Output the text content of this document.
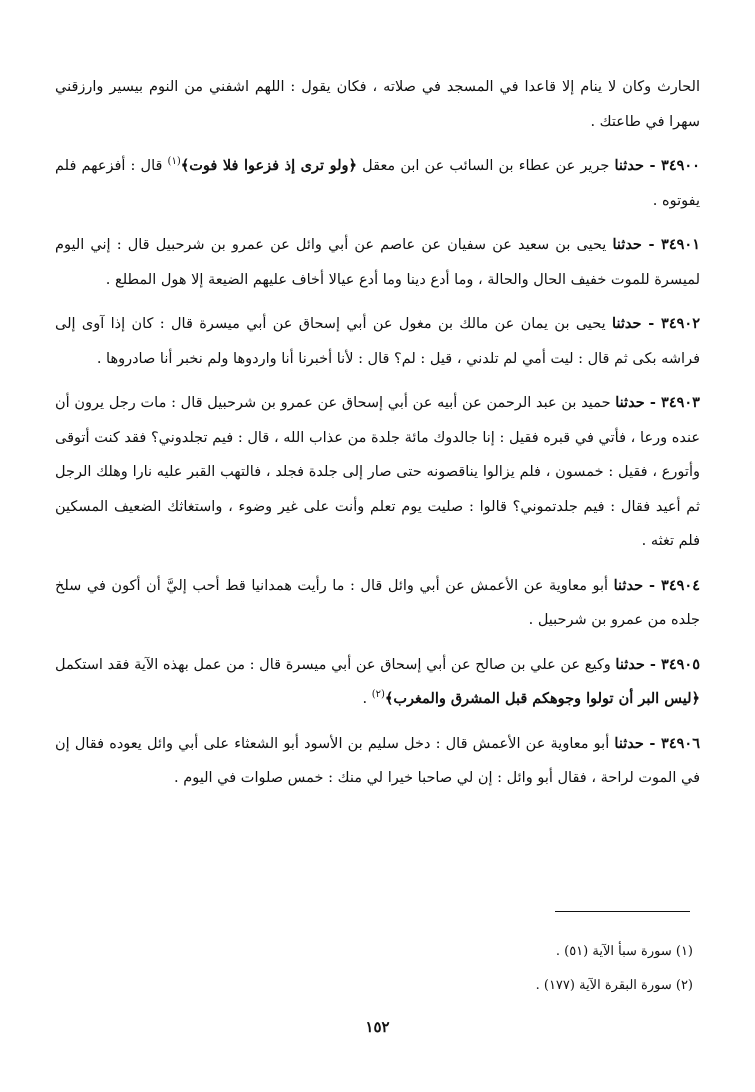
الحارث وكان لا ينام إلا قاعدا في المسجد في صلاته ، فكان يقول : اللهم اشفني من النوم بيسير وارزقني سهرا في طاعتك .

٣٤٩٠٠ - حدثنا جرير عن عطاء بن السائب عن ابن معقل ﴿ولو ترى إذ فزعوا فلا فوت﴾$^{(١)}$ قال : أفزعهم فلم يفوتوه .

٣٤٩٠١ - حدثنا يحيى بن سعيد عن سفيان عن عاصم عن أبي وائل عن عمرو بن شرحبيل قال : إني اليوم لميسرة للموت خفيف الحال والحالة ، وما أدع دينا وما أدع عيالا أخاف عليهم الضيعة إلا هول المطلع .

٣٤٩٠٢ - حدثنا يحيى بن يمان عن مالك بن مغول عن أبي إسحاق عن أبي ميسرة قال : كان إذا آوى إلى فراشه بكى ثم قال : ليت أمي لم تلدني ، قيل : لم؟ قال : لأنا أخبرنا أنا واردوها ولم نخبر أنا صادروها .

٣٤٩٠٣ - حدثنا حميد بن عبد الرحمن عن أبيه عن أبي إسحاق عن عمرو بن شرحبيل قال : مات رجل يرون أن عنده ورعا ، فأتي في قبره فقيل : إنا جالدوك مائة جلدة من عذاب الله ، قال : فيم تجلدوني؟ فقد كنت أتوقى وأتورع ، فقيل : خمسون ، فلم يزالوا يناقصونه حتى صار إلى جلدة فجلد ، فالتهب القبر عليه نارا وهلك الرجل ثم أعيد فقال : فيم جلدتموني؟ قالوا : صليت يوم تعلم وأنت على غير وضوء ، واستغاثك الضعيف المسكين فلم تغثه .

٣٤٩٠٤ - حدثنا أبو معاوية عن الأعمش عن أبي وائل قال : ما رأيت همدانيا قط أحب إليَّ أن أكون في سلخ جلده من عمرو بن شرحبيل .

٣٤٩٠٥ - حدثنا وكيع عن علي بن صالح عن أبي إسحاق عن أبي ميسرة قال : من عمل بهذه الآية فقد استكمل ﴿ليس البر أن تولوا وجوهكم قبل المشرق والمغرب﴾$^{(٢)}$ .

٣٤٩٠٦ - حدثنا أبو معاوية عن الأعمش قال : دخل سليم بن الأسود أبو الشعثاء على أبي وائل يعوده فقال إن في الموت لراحة ، فقال أبو وائل : إن لي صاحبا خيرا لي منك : خمس صلوات في اليوم .

(١) سورة سبأ الآية (٥١) .

(٢) سورة البقرة الآية (١٧٧) .

١٥٢
